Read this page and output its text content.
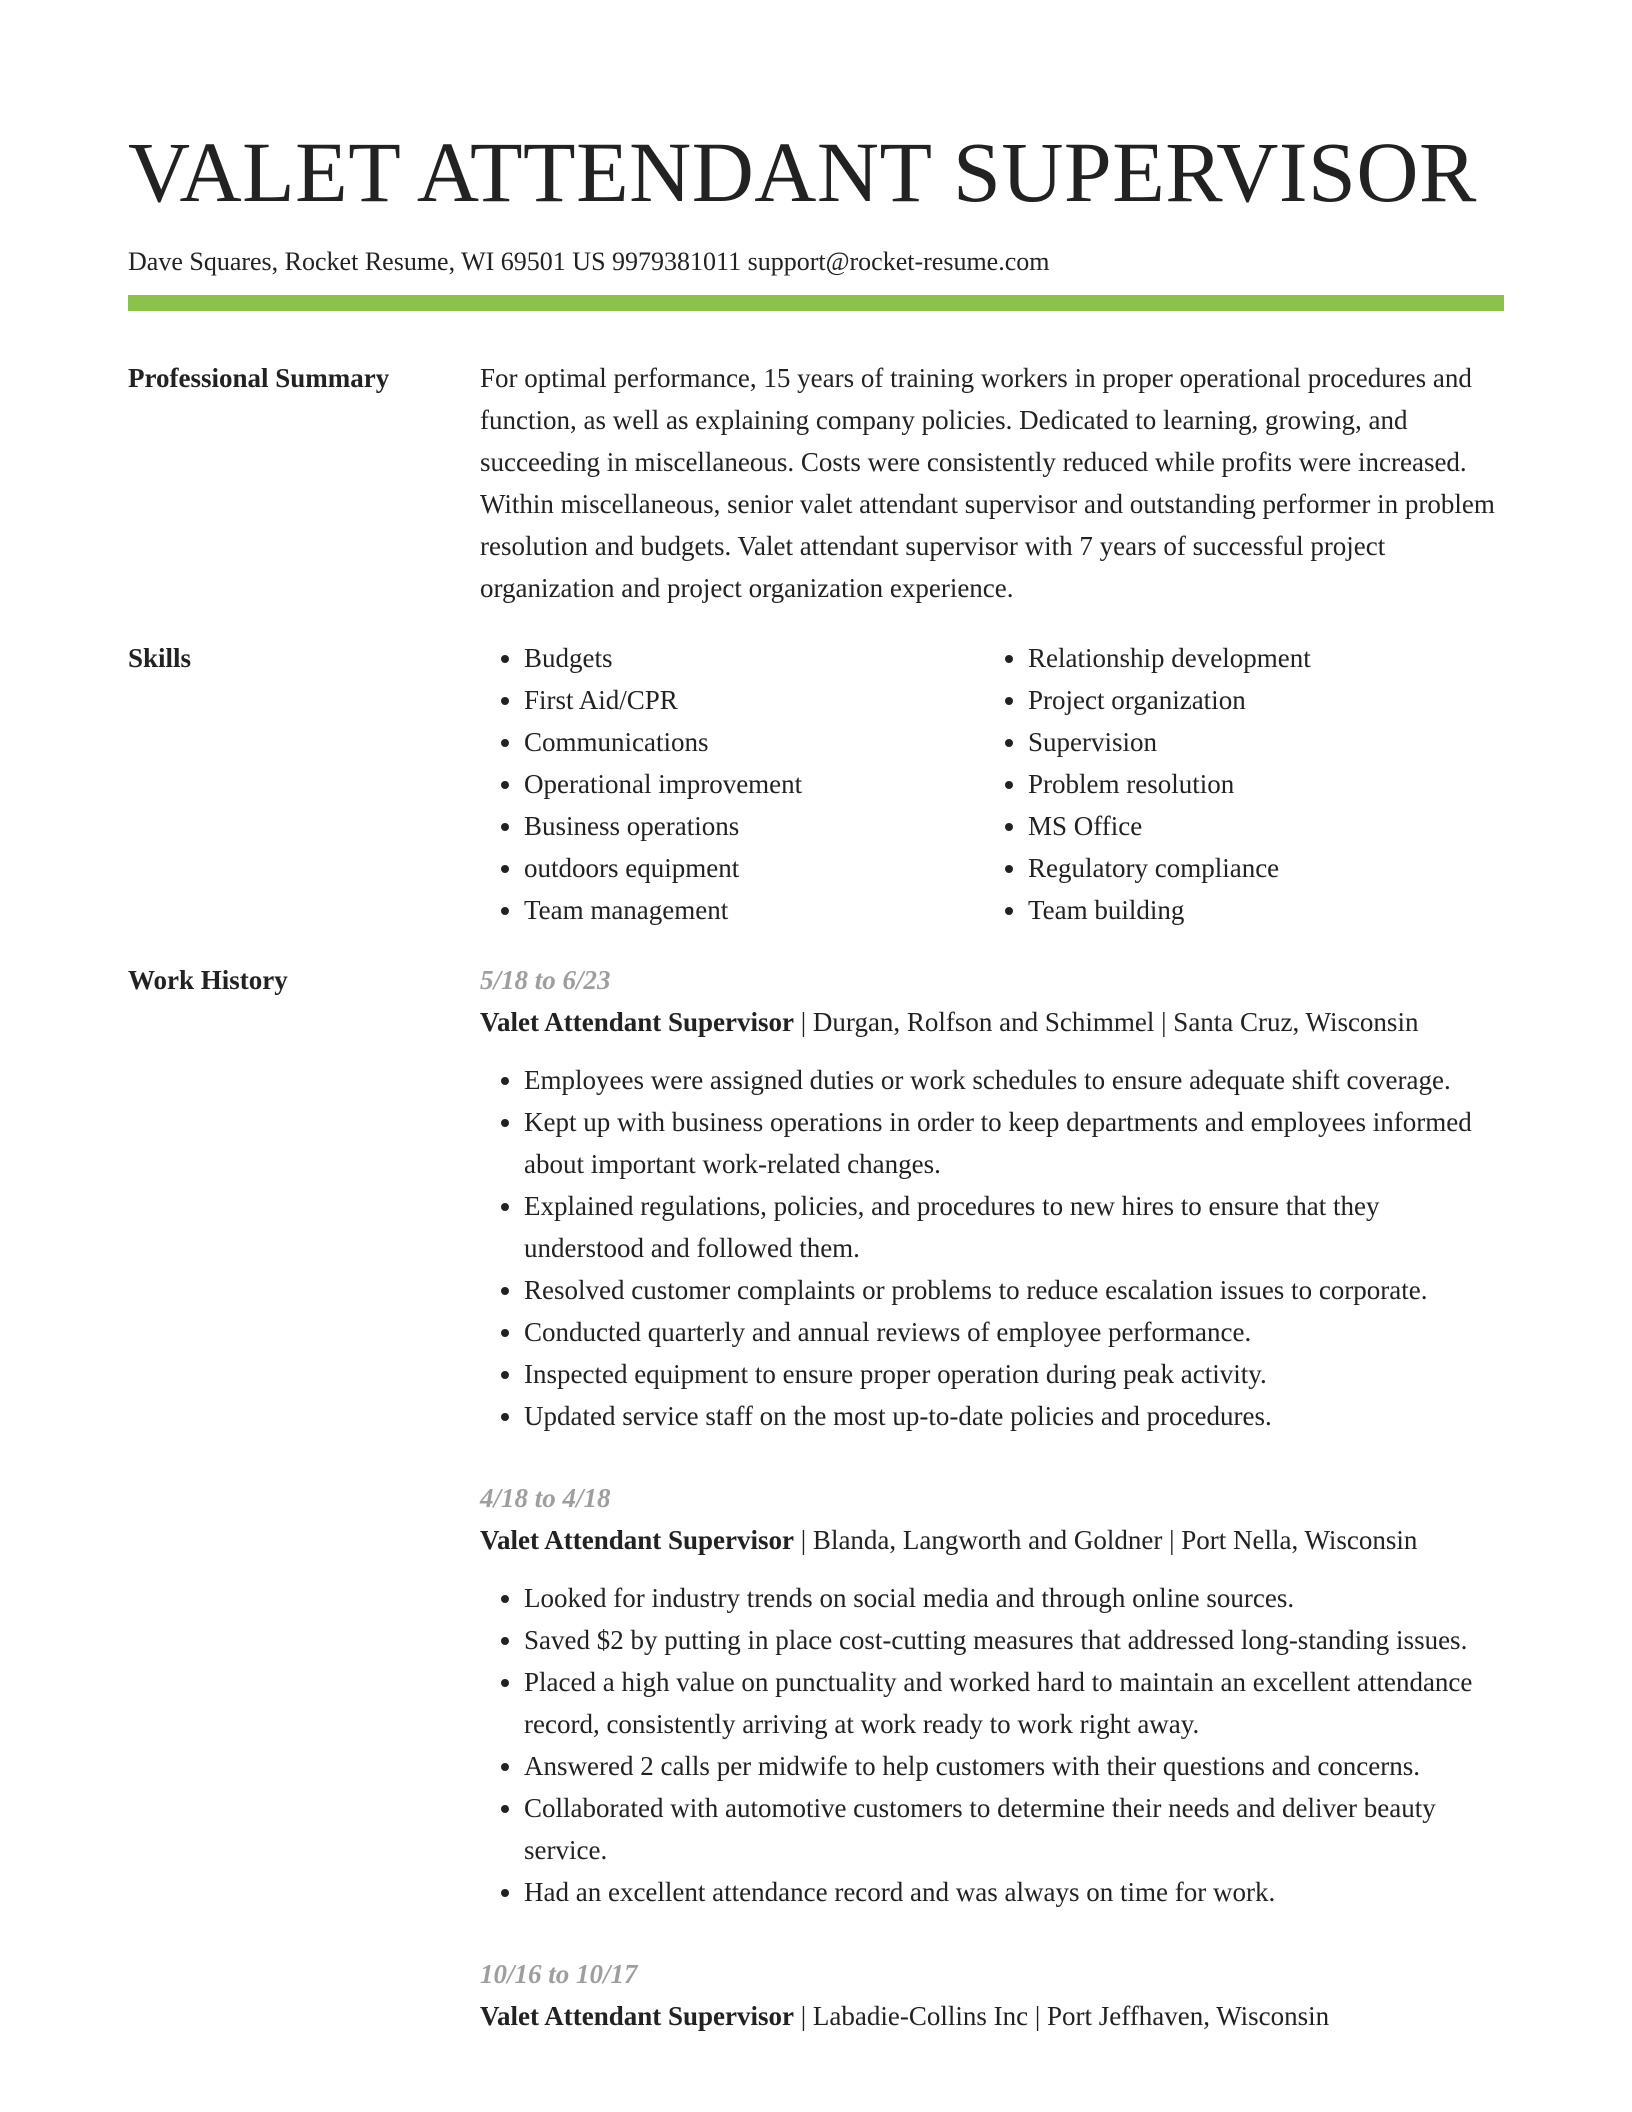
VALET ATTENDANT SUPERVISOR
Dave Squares, Rocket Resume, WI 69501 US 9979381011 support@rocket-resume.com
Professional Summary	For optimal performance, 15 years of training workers in proper operational procedures and function, as well as explaining company policies. Dedicated to learning, growing, and succeeding in miscellaneous. Costs were consistently reduced while profits were increased. Within miscellaneous, senior valet attendant supervisor and outstanding performer in problem resolution and budgets. Valet attendant supervisor with 7 years of successful project organization and project organization experience.

Skills
•	Budgets
• First Aid/CPR
• Communications
• Operational improvement
• Business operations
• outdoors equipment
• Team management
• Relationship development
• Project organization
• Supervision
• Problem resolution
• MS Office
• Regulatory compliance
• Team building
Work History	5/18 to 6/23

Valet Attendant Supervisor | Durgan, Rolfson and Schimmel | Santa Cruz, Wisconsin

• Employees were assigned duties or work schedules to ensure adequate shift coverage.
• Kept up with business operations in order to keep departments and employees informed about important work-related changes.
• Explained regulations, policies, and procedures to new hires to ensure that they understood and followed them.
• Resolved customer complaints or problems to reduce escalation issues to corporate.
• Conducted quarterly and annual reviews of employee performance.
• Inspected equipment to ensure proper operation during peak activity.
• Updated service staff on the most up-to-date policies and procedures.

4/18 to 4/18

Valet Attendant Supervisor | Blanda, Langworth and Goldner | Port Nella, Wisconsin

• Looked for industry trends on social media and through online sources.
• Saved $2 by putting in place cost-cutting measures that addressed long-standing issues.
• Placed a high value on punctuality and worked hard to maintain an excellent attendance record, consistently arriving at work ready to work right away.
• Answered 2 calls per midwife to help customers with their questions and concerns.
• Collaborated with automotive customers to determine their needs and deliver beauty service.
• Had an excellent attendance record and was always on time for work.

10/16 to 10/17

Valet Attendant Supervisor | Labadie-Collins Inc | Port Jeffhaven, Wisconsin
